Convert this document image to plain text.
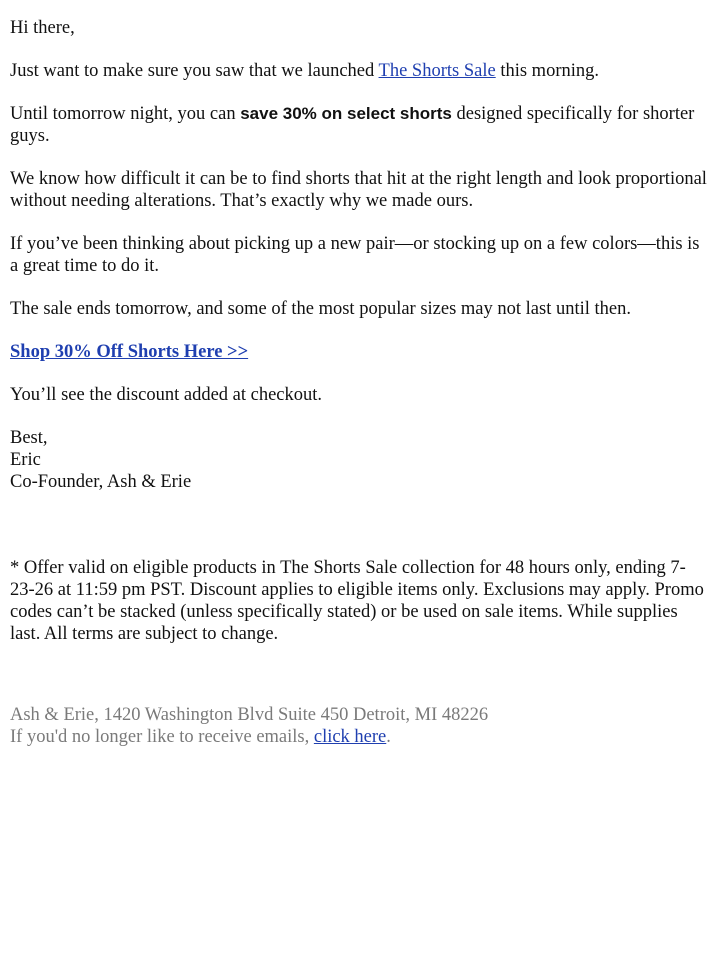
Hi there,

Just want to make sure you saw that we launched The Shorts Sale this morning.

Until tomorrow night, you can save 30% on select shorts designed specifically for shorter guys.

We know how difficult it can be to find shorts that hit at the right length and look proportional without needing alterations. That’s exactly why we made ours.

If you’ve been thinking about picking up a new pair—or stocking up on a few colors—this is a great time to do it.

The sale ends tomorrow, and some of the most popular sizes may not last until then.

Shop 30% Off Shorts Here >>

You’ll see the discount added at checkout.

Best,
Eric
Co-Founder, Ash & Erie

* Offer valid on eligible products in The Shorts Sale collection for 48 hours only, ending 7-23-26 at 11:59 pm PST. Discount applies to eligible items only. Exclusions may apply. Promo codes can’t be stacked (unless specifically stated) or be used on sale items. While supplies last. All terms are subject to change.

Ash & Erie, 1420 Washington Blvd Suite 450 Detroit, MI 48226
If you'd no longer like to receive emails, click here.
